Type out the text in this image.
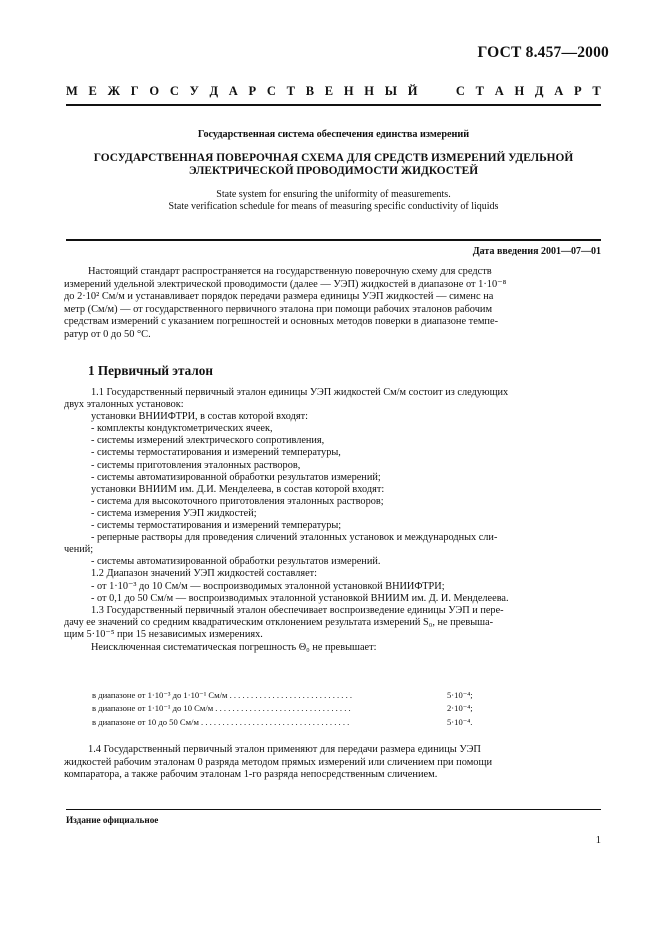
ГОСТ 8.457—2000
М Е Ж Г О С У Д А Р С Т В Е Н Н Ы Й

	С Т А Н Д А Р Т
Государственная система обеспечения единства измерений
ГОСУДАРСТВЕННАЯ ПОВЕРОЧНАЯ СХЕМА ДЛЯ СРЕДСТВ ИЗМЕРЕНИЙ УДЕЛЬНОЙ
ЭЛЕКТРИЧЕСКОЙ ПРОВОДИМОСТИ ЖИДКОСТЕЙ
State system for ensuring the uniformity of measurements.
State verification schedule for means of measuring specific conductivity of liquids
Дата введения 2001—07—01
Настоящий стандарт распространяется на государственную поверочную схему для средств
измерений удельной электрической проводимости (далее — УЭП) жидкостей в диапазоне от 1·10⁻⁸
до 2·10² См/м и устанавливает порядок передачи размера единицы УЭП жидкостей — сименс на
метр (См/м) — от государственного первичного эталона при помощи рабочих эталонов рабочим
средствам измерений с указанием погрешностей и основных методов поверки в диапазоне темпе-
ратур от 0 до 50 °С.
1 Первичный эталон
1.1 Государственный первичный эталон единицы УЭП жидкостей См/м состоит из следующих
двух эталонных установок:
установки ВНИИФТРИ, в состав которой входят:
- комплекты кондуктометрических ячеек,
- системы измерений электрического сопротивления,
- системы термостатирования и измерений температуры,
- системы приготовления эталонных растворов,
- системы автоматизированной обработки результатов измерений;
установки ВНИИМ им. Д.И. Менделеева, в состав которой входят:
- система для высокоточного приготовления эталонных растворов;
- система измерения УЭП жидкостей;
- системы термостатирования и измерений температуры;
- реперные растворы для проведения сличений эталонных установок и международных сли-
чений;
- системы автоматизированной обработки результатов измерений.
1.2 Диапазон значений УЭП жидкостей составляет:
- от 1·10⁻³ до 10 См/м — воспроизводимых эталонной установкой ВНИИФТРИ;
- от 0,1 до 50 См/м — воспроизводимых эталонной установкой ВНИИМ им. Д. И. Менделеева.
1.3 Государственный первичный эталон обеспечивает воспроизведение единицы УЭП и пере-
дачу ее значений со средним квадратическим отклонением результата измерений S₀, не превыша-
щим 5·10⁻⁵ при 15 независимых измерениях.
Неисключенная систематическая погрешность Θ₀ не превышает:
в диапазоне от 1·10⁻³ до 1·10⁻¹ См/м . . . . . . . . . . . . . . . . . . . . . . . . . . . . .	5·10⁻⁴;
в диапазоне от 1·10⁻¹ до 10 См/м . . . . . . . . . . . . . . . . . . . . . . . . . . . . . . . .	2·10⁻⁴;
в диапазоне от 10 до 50 См/м . . . . . . . . . . . . . . . . . . . . . . . . . . . . . . . . . . .	5·10⁻⁴.
1.4 Государственный первичный эталон применяют для передачи размера единицы УЭП
жидкостей рабочим эталонам 0 разряда методом прямых измерений или сличением при помощи
компаратора, а также рабочим эталонам 1-го разряда непосредственным сличением.
Издание официальное
1
